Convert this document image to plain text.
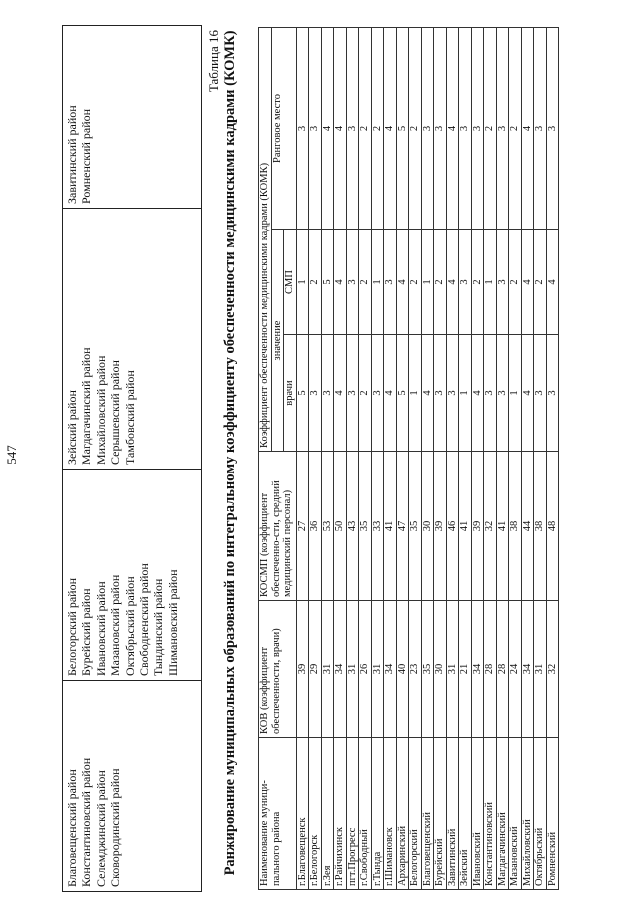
547
Благовещенский район Константиновский район Селемджинский район Сковородинский район

Белогорский район Бурейский район Ивановский район Мазановский район Октябрьский район Свободненский район Тындинский район Шимановский район

Зейский район Магдагачинский район Михайловский район Серышевский район Тамбовский район

Завитинский район Ромненский район
Таблица 16 Ранжирование муниципальных образований по интегральному коэффициенту обеспеченности медицинскими кадрами (КОМК) Наименование муници-пального района	КОВ (коэффициент обеспеченности, врачи)	КОСМП (коэффициент обеспеченно-сти, средний медицинский персонал)	Коэффициент обеспеченности медицинскими кадрами (КОМК)		
			значение		Ранговое место
			врачи	СМП	
г.Благовещенск	39	27	5	1	3
г.Белогорск	29	36	3	2	3
г.Зея	31	53	3	5	4
г.Райчихинск	34	50	4	4	4
пгт.Прогресс	31	43	3	3	3
г.Свободный	26	35	2	2	2
г.Тында	31	33	3	1	2
г.Шимановск	34	41	4	3	4
Архаринский	40	47	5	4	5
Белогорский	23	35	1	2	2
Благовещенский	35	30	4	1	3
Бурейский	30	39	3	2	3
Завитинский	31	46	3	4	4
Зейский	21	41	1	3	3
Ивановский	34	39	4	2	3
Константиновский	28	32	3	1	2
Магдагачинский	28	41	3	3	3
Мазановский	24	38	1	2	2
Михайловский	34	44	4	4	4
Октябрьский	31	38	3	2	3
Ромненский	32	48	3	4	3
